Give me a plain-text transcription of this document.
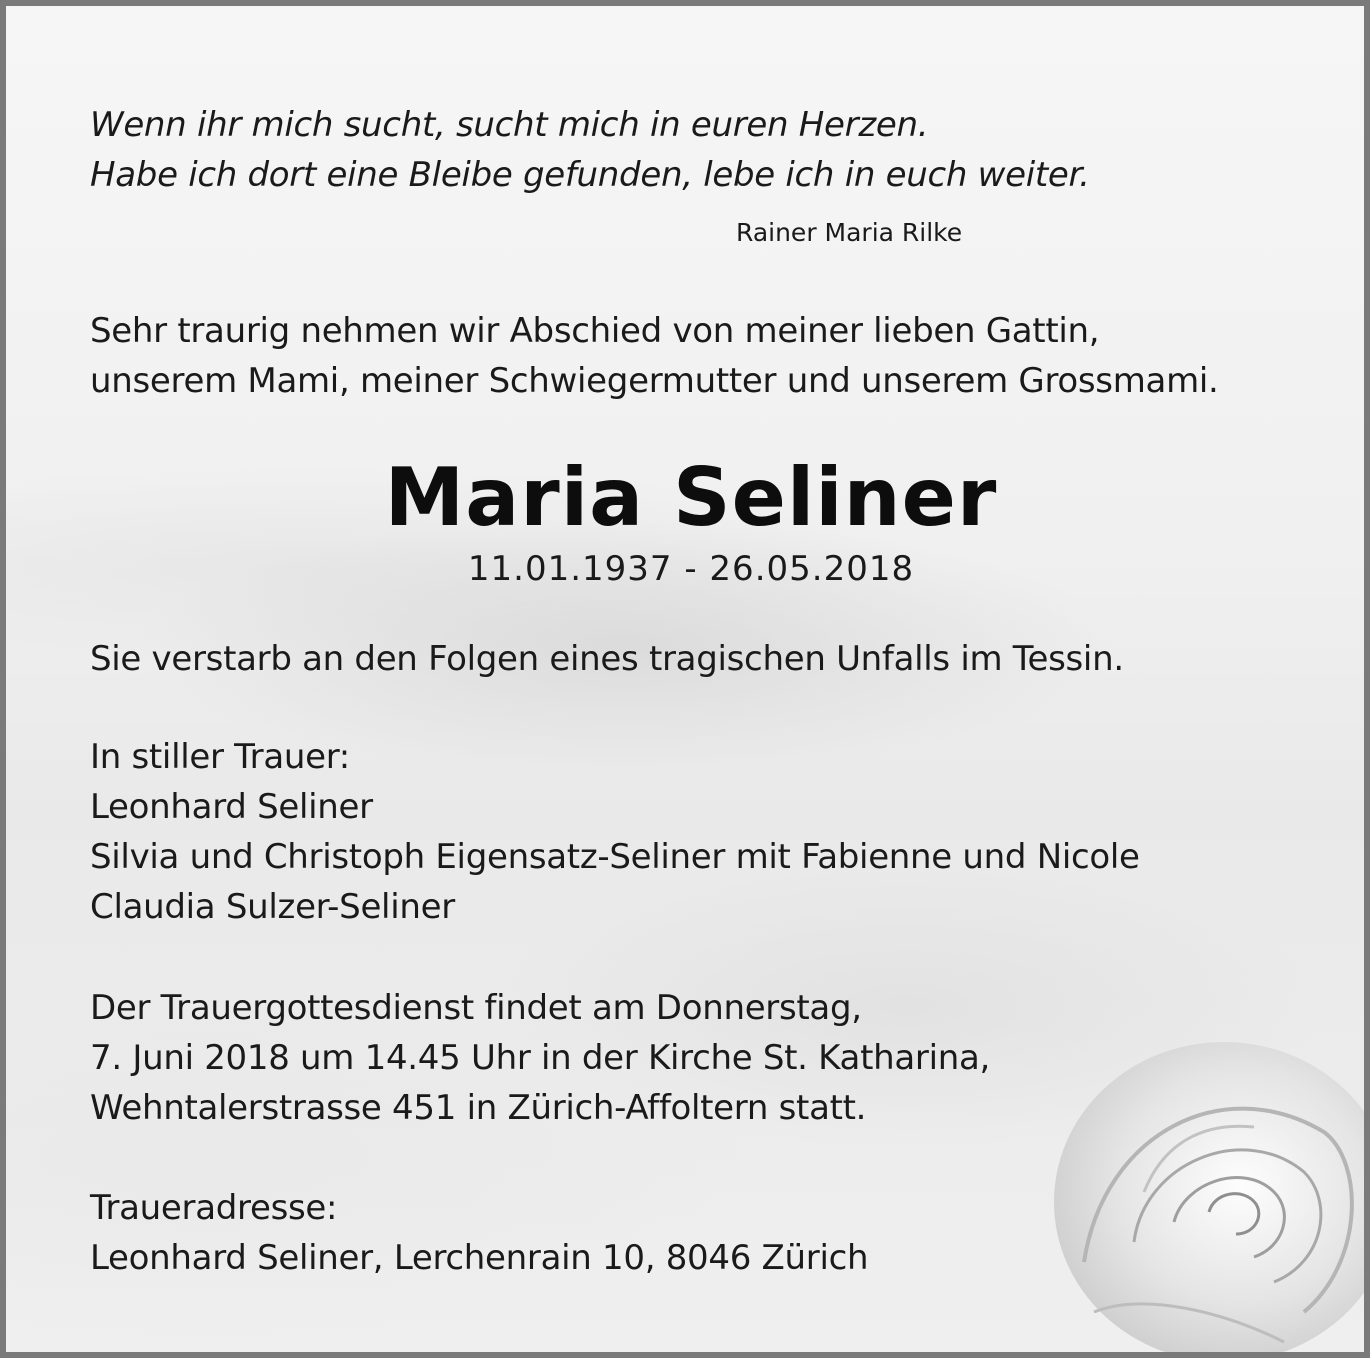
Wenn ihr mich sucht, sucht mich in euren Herzen.
Habe ich dort eine Bleibe gefunden, lebe ich in euch weiter.
Rainer Maria Rilke
Sehr traurig nehmen wir Abschied von meiner lieben Gattin,
unserem Mami, meiner Schwiegermutter und unserem Grossmami.
Maria Seliner
11.01.1937 - 26.05.2018
Sie verstarb an den Folgen eines tragischen Unfalls im Tessin.
In stiller Trauer:
Leonhard Seliner
Silvia und Christoph Eigensatz-Seliner mit Fabienne und Nicole
Claudia Sulzer-Seliner
Der Trauergottesdienst findet am Donnerstag,
7. Juni 2018 um 14.45 Uhr in der Kirche St. Katharina,
Wehntalerstrasse 451 in Zürich-Affoltern statt.
Traueradresse:
Leonhard Seliner, Lerchenrain 10, 8046 Zürich
